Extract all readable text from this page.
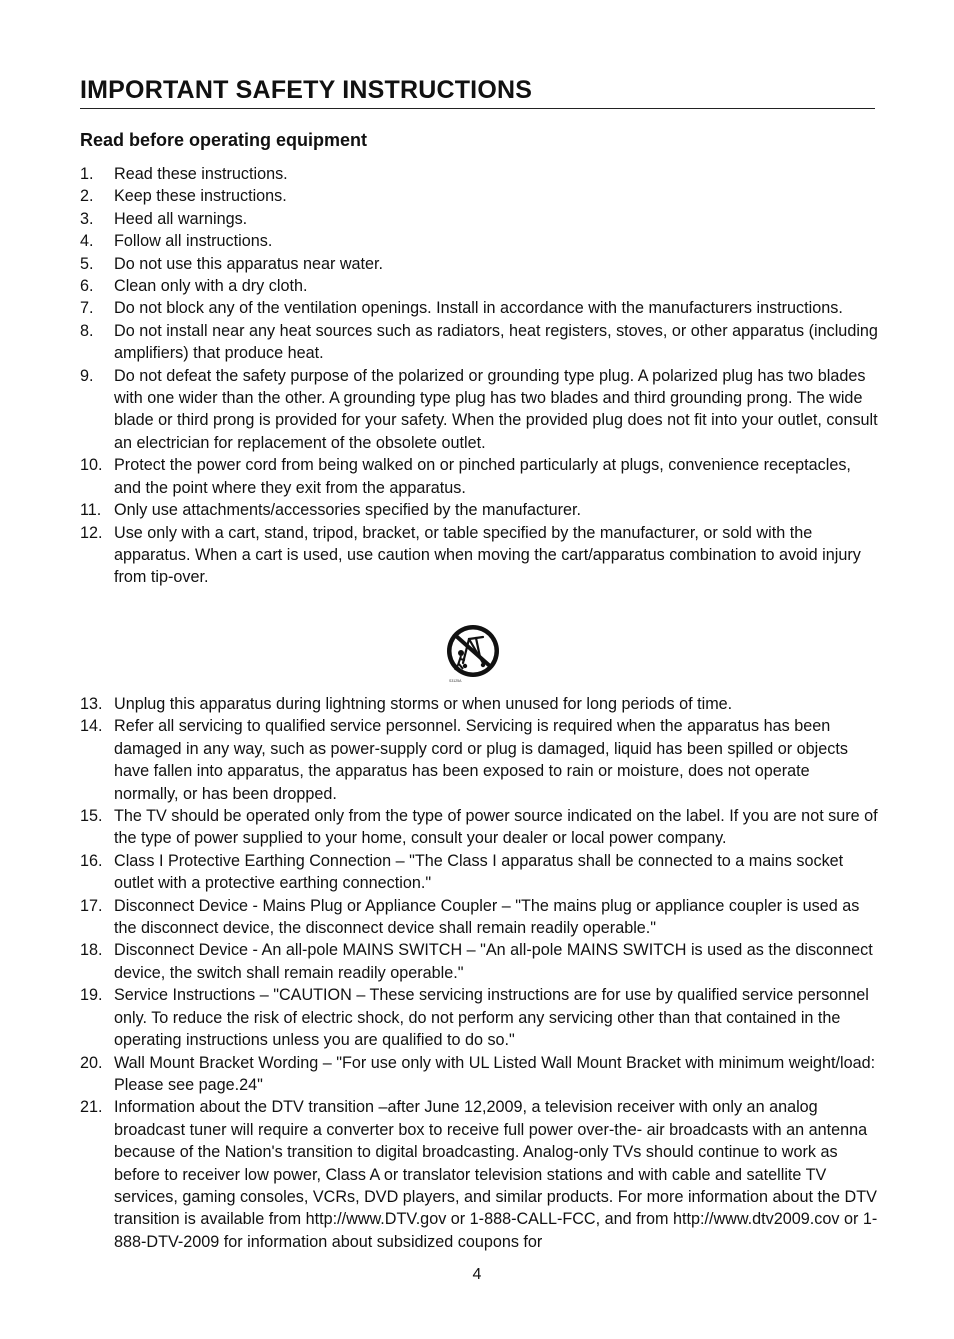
IMPORTANT SAFETY INSTRUCTIONS
Read before operating equipment
1. Read these instructions.
2. Keep these instructions.
3. Heed all warnings.
4. Follow all instructions.
5. Do not use this apparatus near water.
6. Clean only with a dry cloth.
7. Do not block any of the ventilation openings. Install in accordance with the manufacturers instructions.
8. Do not install near any heat sources such as radiators, heat registers, stoves, or other apparatus (including amplifiers) that produce heat.
9. Do not defeat the safety purpose of the polarized or grounding type plug. A polarized plug has two blades with one wider than the other. A grounding type plug has two blades and third grounding prong. The wide blade or third prong is provided for your safety. When the provided plug does not fit into your outlet, consult an electrician for replacement of the obsolete outlet.
10. Protect the power cord from being walked on or pinched particularly at plugs, convenience receptacles, and the point where they exit from the apparatus.
11. Only use attachments/accessories specified by the manufacturer.
12. Use only with a cart, stand, tripod, bracket, or table specified by the manufacturer, or sold with the apparatus. When a cart is used, use caution when moving the cart/apparatus combination to avoid injury from tip-over.
S3125A
13. Unplug this apparatus during lightning storms or when unused for long periods of time.
14. Refer all servicing to qualified service personnel. Servicing is required when the apparatus has been damaged in any way, such as power-supply cord or plug is damaged, liquid has been spilled or objects have fallen into apparatus, the apparatus has been exposed to rain or moisture, does not operate normally, or has been dropped.
15. The TV should be operated only from the type of power source indicated on the label. If you are not sure of the type of power supplied to your home, consult your dealer or local power company.
16. Class I Protective Earthing Connection – "The Class I apparatus shall be connected to a mains socket outlet with a protective earthing connection."
17. Disconnect Device - Mains Plug or Appliance Coupler – "The mains plug or appliance coupler is used as the disconnect device, the disconnect device shall remain readily operable."
18. Disconnect Device - An all-pole MAINS SWITCH – "An all-pole MAINS SWITCH is used as the disconnect device, the switch shall remain readily operable."
19. Service Instructions – "CAUTION – These servicing instructions are for use by qualified service personnel only. To reduce the risk of electric shock, do not perform any servicing other than that contained in the operating instructions unless you are qualified to do so."
20. Wall Mount Bracket Wording – "For use only with UL Listed Wall Mount Bracket with minimum weight/load: Please see page.24"
21. Information about the DTV transition –after June 12,2009, a television receiver with only an analog broadcast tuner will require a converter box to receive full power over-the- air broadcasts with an antenna because of the Nation's transition to digital broadcasting. Analog-only TVs should continue to work as before to receiver low power, Class A or translator television stations and with cable and satellite TV services, gaming consoles, VCRs, DVD players, and similar products. For more information about the DTV transition is available from http://www.DTV.gov or 1-888-CALL-FCC, and from http://www.dtv2009.cov or 1-888-DTV-2009 for information about subsidized coupons for
4
